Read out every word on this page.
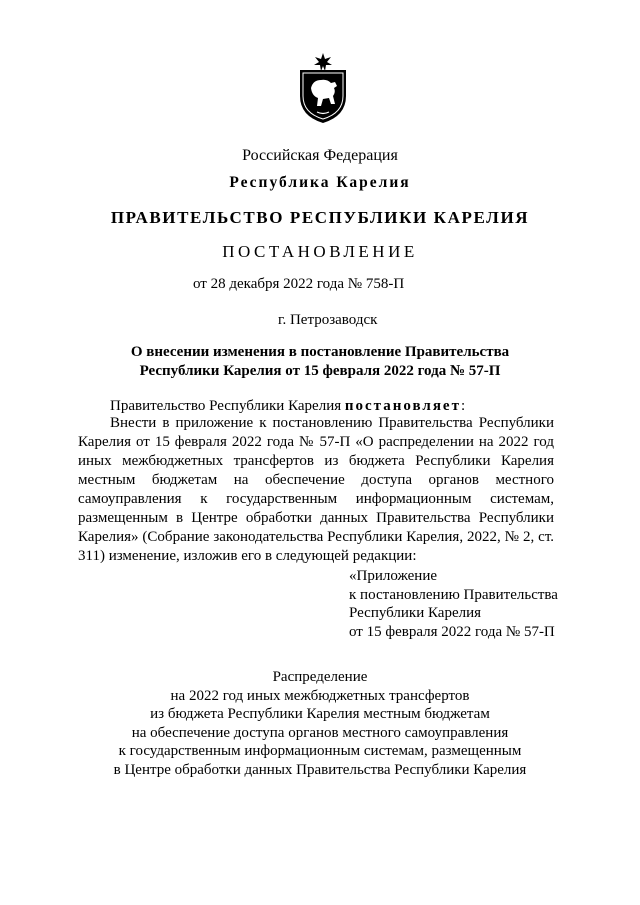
Российская Федерация
Республика Карелия
ПРАВИТЕЛЬСТВО РЕСПУБЛИКИ КАРЕЛИЯ
ПОСТАНОВЛЕНИЕ
от 28 декабря 2022 года № 758-П
г. Петрозаводск
О внесении изменения в постановление Правительства
Республики Карелия от 15 февраля 2022 года № 57-П
Правительство Республики Карелия постановляет:
Внести в приложение к постановлению Правительства Республики Карелия от 15 февраля 2022 года № 57-П «О распределении на 2022 год иных межбюджетных трансфертов из бюджета Республики Карелия местным бюджетам на обеспечение доступа органов местного самоуправления к государственным информационным системам, размещенным в Центре обработки данных Правительства Республики Карелия» (Собрание законодательства Республики Карелия, 2022, № 2, ст. 311) изменение, изложив его в следующей редакции:
«Приложение
к постановлению Правительства
Республики Карелия
от 15 февраля 2022 года № 57-П
Распределение
на 2022 год иных межбюджетных трансфертов
из бюджета Республики Карелия местным бюджетам
на обеспечение доступа органов местного самоуправления
к государственным информационным системам, размещенным
в Центре обработки данных Правительства Республики Карелия
